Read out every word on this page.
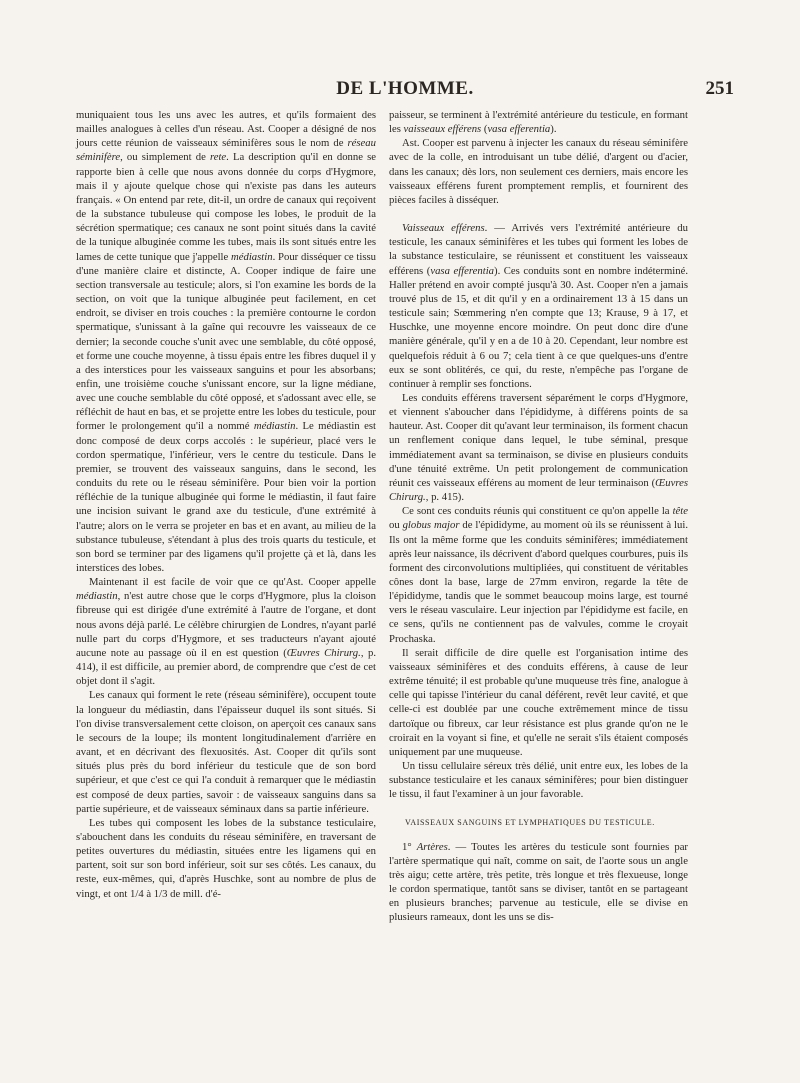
DE L'HOMME.	251

muniquaient tous les uns avec les autres, et qu'ils formaient des mailles analogues à celles d'un réseau. Ast. Cooper a désigné de nos jours cette réunion de vaisseaux séminifères sous le nom de réseau séminifère, ou simplement de rete. La description qu'il en donne se rapporte bien à celle que nous avons donnée du corps d'Hygmore, mais il y ajoute quelque chose qui n'existe pas dans les auteurs français. « On entend par rete, dit-il, un ordre de canaux qui reçoivent de la substance tubuleuse qui compose les lobes, le produit de la sécrétion spermatique; ces canaux ne sont point situés dans la cavité de la tunique albuginée comme les tubes, mais ils sont situés entre les lames de cette tunique que j'appelle médiastin. Pour disséquer ce tissu d'une manière claire et distincte, A. Cooper indique de faire une section transversale au testicule; alors, si l'on examine les bords de la section, on voit que la tunique albuginée peut facilement, en cet endroit, se diviser en trois couches : la première contourne le cordon spermatique, s'unissant à la gaîne qui recouvre les vaisseaux de ce dernier; la seconde couche s'unit avec une semblable, du côté opposé, et forme une couche moyenne, à tissu épais entre les fibres duquel il y a des interstices pour les vaisseaux sanguins et pour les absorbans; enfin, une troisième couche s'unissant encore, sur la ligne médiane, avec une couche semblable du côté opposé, et s'adossant avec elle, se réfléchit de haut en bas, et se projette entre les lobes du testicule, pour former le prolongement qu'il a nommé médiastin. Le médiastin est donc composé de deux corps accolés : le supérieur, placé vers le cordon spermatique, l'inférieur, vers le centre du testicule. Dans le premier, se trouvent des vaisseaux sanguins, dans le second, les conduits du rete ou le réseau séminifère. Pour bien voir la portion réfléchie de la tunique albuginée qui forme le médiastin, il faut faire une incision suivant le grand axe du testicule, d'une extrémité à l'autre; alors on le verra se projeter en bas et en avant, au milieu de la substance tubuleuse, s'étendant à plus des trois quarts du testicule, et son bord se terminer par des ligamens qu'il projette çà et là, dans les interstices des lobes.

Maintenant il est facile de voir que ce qu'Ast. Cooper appelle médiastin, n'est autre chose que le corps d'Hygmore, plus la cloison fibreuse qui est dirigée d'une extrémité à l'autre de l'organe, et dont nous avons déjà parlé. Le célèbre chirurgien de Londres, n'ayant parlé nulle part du corps d'Hygmore, et ses traducteurs n'ayant ajouté aucune note au passage où il en est question (Œuvres Chirurg., p. 414), il est difficile, au premier abord, de comprendre que c'est de cet objet dont il s'agit.

Les canaux qui forment le rete (réseau séminifère), occupent toute la longueur du médiastin, dans l'épaisseur duquel ils sont situés. Si l'on divise transversalement cette cloison, on aperçoit ces canaux sans le secours de la loupe; ils montent longitudinalement d'arrière en avant, et en décrivant des flexuosités. Ast. Cooper dit qu'ils sont situés plus près du bord inférieur du testicule que de son bord supérieur, et que c'est ce qui l'a conduit à remarquer que le médiastin est composé de deux parties, savoir : de vaisseaux sanguins dans sa partie supérieure, et de vaisseaux séminaux dans sa partie inférieure.

Les tubes qui composent les lobes de la substance testiculaire, s'abouchent dans les conduits du réseau séminifère, en traversant de petites ouvertures du médiastin, situées entre les ligamens qui en partent, soit sur son bord inférieur, soit sur ses côtés. Les canaux, du reste, eux-mêmes, qui, d'après Huschke, sont au nombre de plus de vingt, et ont 1/4 à 1/3 de mill. d'é-

paisseur, se terminent à l'extrémité antérieure du testicule, en formant les vaisseaux efférens (vasa efferentia).

Ast. Cooper est parvenu à injecter les canaux du réseau séminifère avec de la colle, en introduisant un tube délié, d'argent ou d'acier, dans les canaux; dès lors, non seulement ces derniers, mais encore les vaisseaux efférens furent promptement remplis, et fournirent des pièces faciles à disséquer.

Vaisseaux efférens. — Arrivés vers l'extrémité antérieure du testicule, les canaux séminifères et les tubes qui forment les lobes de la substance testiculaire, se réunissent et constituent les vaisseaux efférens (vasa efferentia). Ces conduits sont en nombre indéterminé. Haller prétend en avoir compté jusqu'à 30. Ast. Cooper n'en a jamais trouvé plus de 15, et dit qu'il y en a ordinairement 13 à 15 dans un testicule sain; Sœmmering n'en compte que 13; Krause, 9 à 17, et Huschke, une moyenne encore moindre. On peut donc dire d'une manière générale, qu'il y en a de 10 à 20. Cependant, leur nombre est quelquefois réduit à 6 ou 7; cela tient à ce que quelques-uns d'entre eux se sont oblitérés, ce qui, du reste, n'empêche pas l'organe de continuer à remplir ses fonctions.

Les conduits efférens traversent séparément le corps d'Hygmore, et viennent s'aboucher dans l'épididyme, à différens points de sa hauteur. Ast. Cooper dit qu'avant leur terminaison, ils forment chacun un renflement conique dans lequel, le tube séminal, presque immédiatement avant sa terminaison, se divise en plusieurs conduits d'une ténuité extrême. Un petit prolongement de communication réunit ces vaisseaux efférens au moment de leur terminaison (Œuvres Chirurg., p. 415).

Ce sont ces conduits réunis qui constituent ce qu'on appelle la tête ou globus major de l'épididyme, au moment où ils se réunissent à lui. Ils ont la même forme que les conduits séminifères; immédiatement après leur naissance, ils décrivent d'abord quelques courbures, puis ils forment des circonvolutions multipliées, qui constituent de véritables cônes dont la base, large de 27mm environ, regarde la tête de l'épididyme, tandis que le sommet beaucoup moins large, est tourné vers le réseau vasculaire. Leur injection par l'épididyme est facile, en ce sens, qu'ils ne contiennent pas de valvules, comme le croyait Prochaska.

Il serait difficile de dire quelle est l'organisation intime des vaisseaux séminifères et des conduits efférens, à cause de leur extrême ténuité; il est probable qu'une muqueuse très fine, analogue à celle qui tapisse l'intérieur du canal déférent, revêt leur cavité, et que celle-ci est doublée par une couche extrêmement mince de tissu dartoïque ou fibreux, car leur résistance est plus grande qu'on ne le croirait en la voyant si fine, et qu'elle ne serait s'ils étaient composés uniquement par une muqueuse.

Un tissu cellulaire séreux très délié, unit entre eux, les lobes de la substance testiculaire et les canaux séminifères; pour bien distinguer le tissu, il faut l'examiner à un jour favorable.

VAISSEAUX SANGUINS ET LYMPHATIQUES DU TESTICULE.

1° Artères. — Toutes les artères du testicule sont fournies par l'artère spermatique qui naît, comme on sait, de l'aorte sous un angle très aigu; cette artère, très petite, très longue et très flexueuse, longe le cordon spermatique, tantôt sans se diviser, tantôt en se partageant en plusieurs branches; parvenue au testicule, elle se divise en plusieurs rameaux, dont les uns se dis-
